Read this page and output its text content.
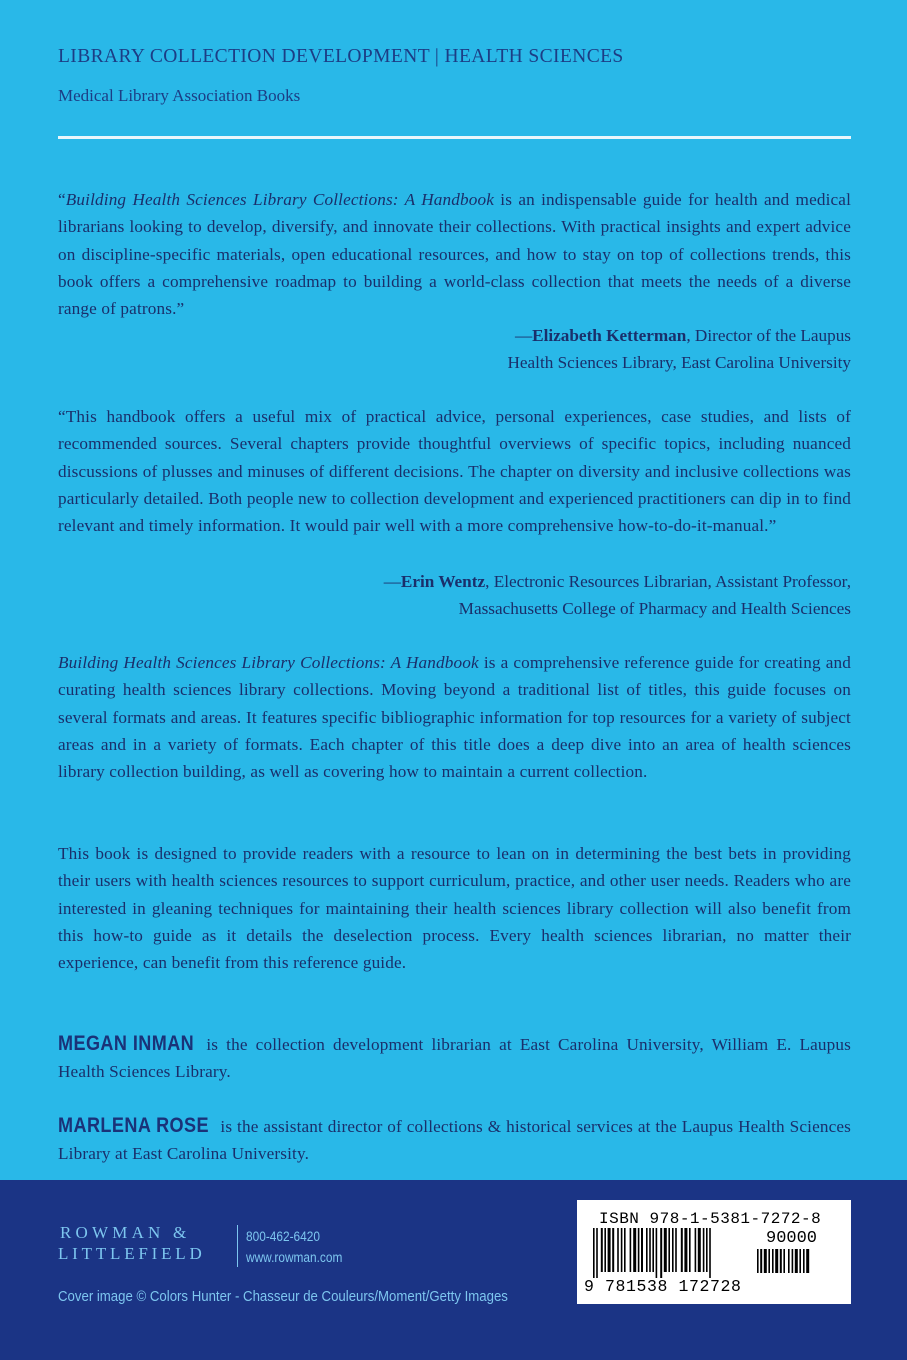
LIBRARY COLLECTION DEVELOPMENT | HEALTH SCIENCES
Medical Library Association Books
“Building Health Sciences Library Collections: A Handbook is an indispensable guide for health and medical librarians looking to develop, diversify, and innovate their collections. With practical insights and expert advice on discipline-specific materials, open educational resources, and how to stay on top of collections trends, this book offers a comprehensive roadmap to building a world-class collection that meets the needs of a diverse range of patrons.”
—Elizabeth Ketterman, Director of the Laupus
Health Sciences Library, East Carolina University
“This handbook offers a useful mix of practical advice, personal experiences, case studies, and lists of recommended sources. Several chapters provide thoughtful overviews of specific topics, including nuanced discussions of plusses and minuses of different decisions. The chapter on diversity and inclusive collections was particularly detailed. Both people new to collection development and experienced practitioners can dip in to find relevant and timely information. It would pair well with a more comprehensive how-to-do-it-manual.”
—Erin Wentz, Electronic Resources Librarian, Assistant Professor,
Massachusetts College of Pharmacy and Health Sciences
Building Health Sciences Library Collections: A Handbook is a comprehensive reference guide for creating and curating health sciences library collections. Moving beyond a traditional list of titles, this guide focuses on several formats and areas. It features specific bibliographic information for top resources for a variety of subject areas and in a variety of formats. Each chapter of this title does a deep dive into an area of health sciences library collection building, as well as covering how to maintain a current collection.
This book is designed to provide readers with a resource to lean on in determining the best bets in providing their users with health sciences resources to support curriculum, practice, and other user needs. Readers who are interested in gleaning techniques for maintaining their health sciences library collection will also benefit from this how-to guide as it details the deselection process. Every health sciences librarian, no matter their experience, can benefit from this reference guide.
MEGAN INMAN is the collection development librarian at East Carolina University, William E. Laupus Health Sciences Library.
MARLENA ROSE is the assistant director of collections & historical services at the Laupus Health Sciences Library at East Carolina University.
ROWMAN &
LITTLEFIELD
800-462-6420
www.rowman.com
Cover image © Colors Hunter - Chasseur de Couleurs/Moment/Getty Images
ISBN 978-1-5381-7272-8
90000
9 781538 172728
